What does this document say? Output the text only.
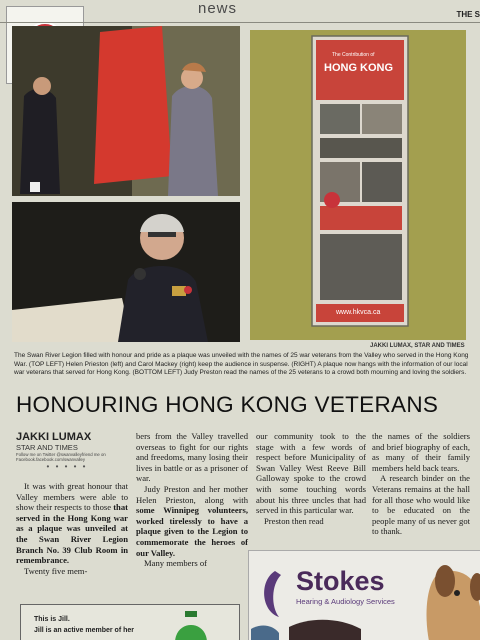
news	THE S
The Contribution of
HONG KONG
www.hkvca.ca
JAKKI LUMAX, STAR AND TIMES
The Swan River Legion filled with honour and pride as a plaque was unveiled with the names of 25 war veterans from the Valley who served in the Hong Kong War. (TOP LEFT) Helen Prieston (left) and Carol Mackey (right) keep the audience in suspense. (RIGHT) A plaque now hangs with the information of our local war veterans that served for Hong Kong. (BOTTOM LEFT) Judy Preston read the names of the 25 veterans to a crowd both mourning and loving the soldiers.
HONOURING HONG KONG VETERANS
JAKKI LUMAX
STAR AND TIMES
Follow me on Twitter @swanvalleyfriend me on
Facebook.facebook.com/swanvalley
• • • • •

It was with great honour that Valley members were able to show their respects to those that served in the Hong Kong war as a plaque was unveiled at the Swan River Legion Branch No. 39 Club Room in remembrance.

Twenty five mem-

bers from the Valley travelled overseas to fight for our rights and freedoms, many losing their lives in battle or as a prisoner of war.

Judy Preston and her mother Helen Prieston, along with some Winnipeg volunteers, worked tirelessly to have a plaque given to the Legion to commemorate the heroes of our Valley.

Many members of

our community took to the stage with a few words of respect before Municipality of Swan Valley West Reeve Bill Galloway spoke to the crowd with some touching words about his three uncles that had served in this particular war.

Preston then read

the names of the soldiers and brief biography of each, as many of their family members held back tears.

A research binder on the Veterans remains at the hall for all those who would like to be educated on the people many of us never got to thank.

This is Jill.
Jill is an active member of her
Stokes
Hearing & Audiology Services
